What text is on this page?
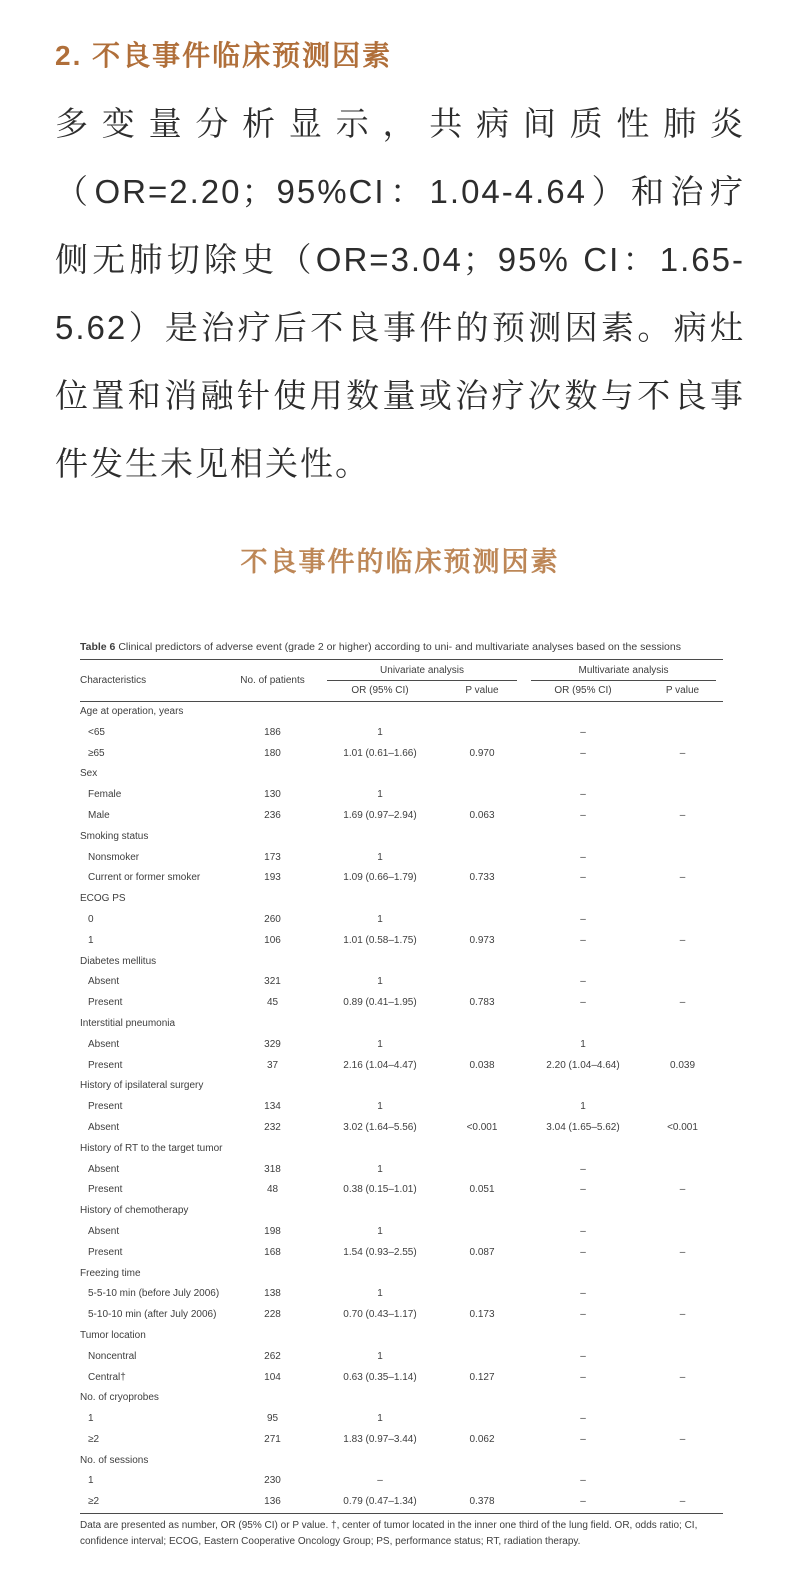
2. 不良事件临床预测因素

多变量分析显示，共病间质性肺炎（OR=2.20；95%CI：1.04-4.64）和治疗侧无肺切除史（OR=3.04；95% CI：1.65-5.62）是治疗后不良事件的预测因素。病灶位置和消融针使用数量或治疗次数与不良事件发生未见相关性。

不良事件的临床预测因素

Table 6 Clinical predictors of adverse event (grade 2 or higher) according to uni- and multivariate analyses based on the sessions

Characteristics	No. of patients	Univariate analysis		Multivariate analysis	
		OR (95% CI)	P value	OR (95% CI)	P value
Age at operation, years					
<65	186	1		–	
≥65	180	1.01 (0.61–1.66)	0.970	–	–
Sex					
Female	130	1		–	
Male	236	1.69 (0.97–2.94)	0.063	–	–
Smoking status					
Nonsmoker	173	1		–	
Current or former smoker	193	1.09 (0.66–1.79)	0.733	–	–
ECOG PS					
0	260	1		–	
1	106	1.01 (0.58–1.75)	0.973	–	–
Diabetes mellitus					
Absent	321	1		–	
Present	45	0.89 (0.41–1.95)	0.783	–	–
Interstitial pneumonia					
Absent	329	1		1	
Present	37	2.16 (1.04–4.47)	0.038	2.20 (1.04–4.64)	0.039
History of ipsilateral surgery					
Present	134	1		1	
Absent	232	3.02 (1.64–5.56)	<0.001	3.04 (1.65–5.62)	<0.001
History of RT to the target tumor					
Absent	318	1		–	
Present	48	0.38 (0.15–1.01)	0.051	–	–
History of chemotherapy					
Absent	198	1		–	
Present	168	1.54 (0.93–2.55)	0.087	–	–
Freezing time					
5-5-10 min (before July 2006)	138	1		–	
5-10-10 min (after July 2006)	228	0.70 (0.43–1.17)	0.173	–	–
Tumor location					
Noncentral	262	1		–	
Central†	104	0.63 (0.35–1.14)	0.127	–	–
No. of cryoprobes					
1	95	1		–	
≥2	271	1.83 (0.97–3.44)	0.062	–	–
No. of sessions					
1	230	–		–	
≥2	136	0.79 (0.47–1.34)	0.378	–	–

Data are presented as number, OR (95% CI) or P value. †, center of tumor located in the inner one third of the lung field. OR, odds ratio; CI, confidence interval; ECOG, Eastern Cooperative Oncology Group; PS, performance status; RT, radiation therapy.
